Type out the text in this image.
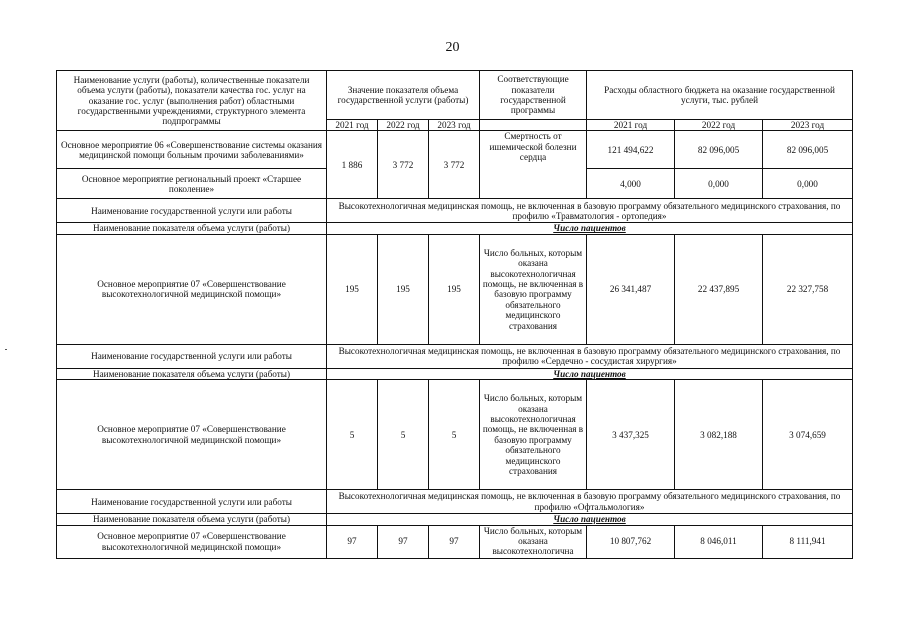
20
Наименование услуги (работы), количественные показатели объема услуги (работы), показатели качества гос. услуг на оказание гос. услуг (выполнения работ) областными государственными учреждениями, структурного элемента подпрограммы	Значение показателя объема государственной услуги (работы)			Соответствующие показатели государственной программы	Расходы областного бюджета на оказание государственной услуги, тыс. рублей		
	2021 год	2022 год	2023 год		2021 год	2022 год	2023 год
Основное мероприятие 06 «Совершенствование системы оказания медицинской помощи больным прочими заболеваниями»	1 886	3 772	3 772	Смертность от ишемической болезни сердца	121 494,622	82 096,005	82 096,005
Основное мероприятие региональный проект «Старшее поколение»					4,000	0,000	0,000
Наименование государственной услуги или работы	Высокотехнологичная медицинская помощь, не включенная в базовую программу обязательного медицинского страхования, по профилю «Травматология - ортопедия»						
Наименование показателя объема услуги (работы)	Число пациентов						
Основное мероприятие 07 «Совершенствование высокотехнологичной медицинской помощи»	195	195	195	Число больных, которым оказана высокотехнологичная помощь, не включенная в базовую программу обязательного медицинского страхования	26 341,487	22 437,895	22 327,758
Наименование государственной услуги или работы	Высокотехнологичная медицинская помощь, не включенная в базовую программу обязательного медицинского страхования, по профилю «Сердечно - сосудистая хирургия»						
Наименование показателя объема услуги (работы)	Число пациентов						
Основное мероприятие 07 «Совершенствование высокотехнологичной медицинской помощи»	5	5	5	Число больных, которым оказана высокотехнологичная помощь, не включенная в базовую программу обязательного медицинского страхования	3 437,325	3 082,188	3 074,659
Наименование государственной услуги или работы	Высокотехнологичная медицинская помощь, не включенная в базовую программу обязательного медицинского страхования, по профилю «Офтальмология»						
Наименование показателя объема услуги (работы)	Число пациентов						
Основное мероприятие 07 «Совершенствование высокотехнологичной медицинской помощи»	97	97	97	Число больных, которым оказана высокотехнологична	10 807,762	8 046,011	8 111,941
